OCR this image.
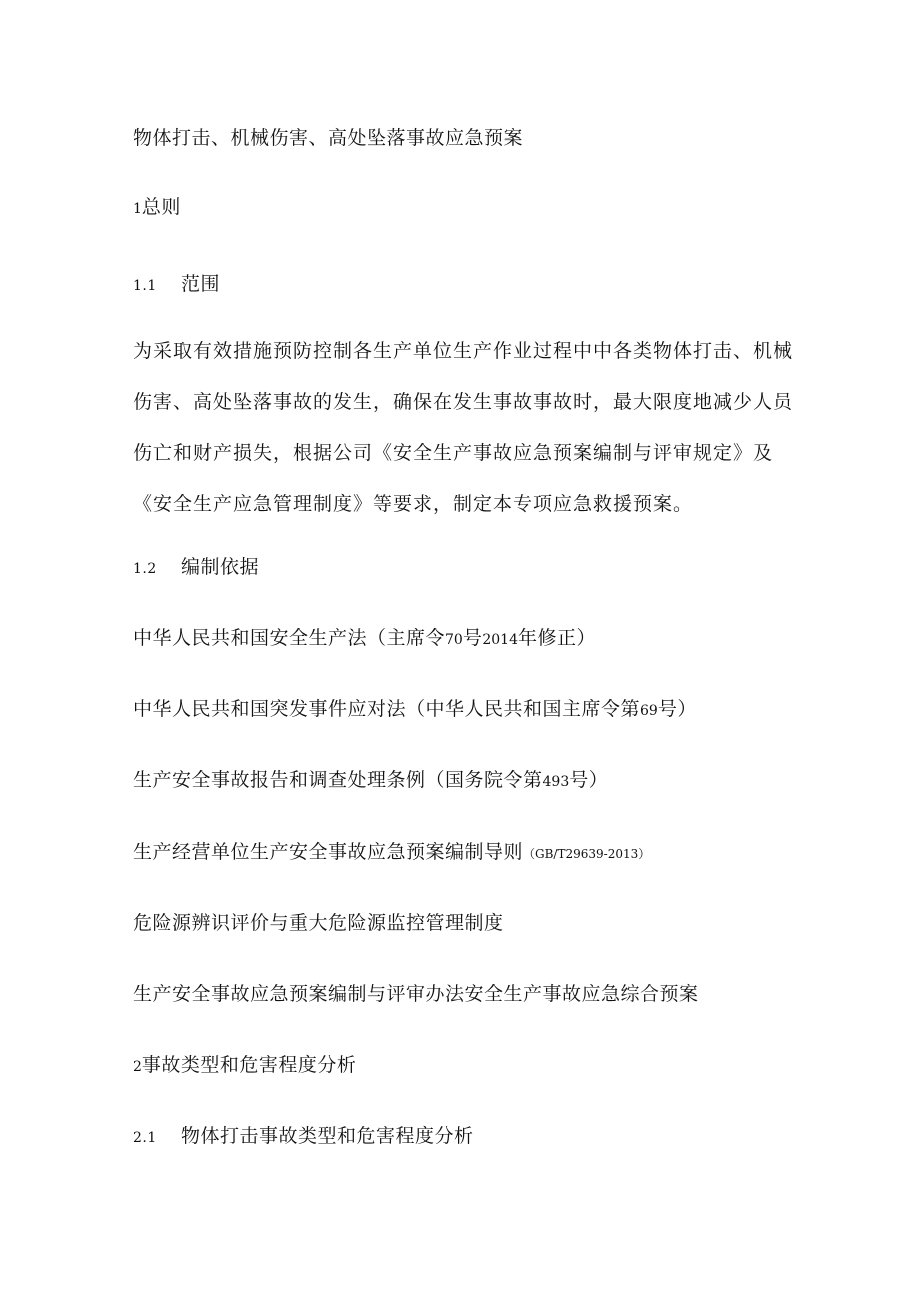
物体打击、机械伤害、高处坠落事故应急预案
1总则
1.1 范围
为采取有效措施预防控制各生产单位生产作业过程中中各类物体打击、机械伤害、高处坠落事故的发生，确保在发生事故事故时，最大限度地减少人员伤亡和财产损失，根据公司《安全生产事故应急预案编制与评审规定》及《安全生产应急管理制度》等要求，制定本专项应急救援预案。
1.2 编制依据
中华人民共和国安全生产法（主席令70号2014年修正）
中华人民共和国突发事件应对法（中华人民共和国主席令第69号）
生产安全事故报告和调查处理条例（国务院令第493号）
生产经营单位生产安全事故应急预案编制导则（GB/T29639-2013）
危险源辨识评价与重大危险源监控管理制度
生产安全事故应急预案编制与评审办法安全生产事故应急综合预案
2事故类型和危害程度分析
2.1 物体打击事故类型和危害程度分析
